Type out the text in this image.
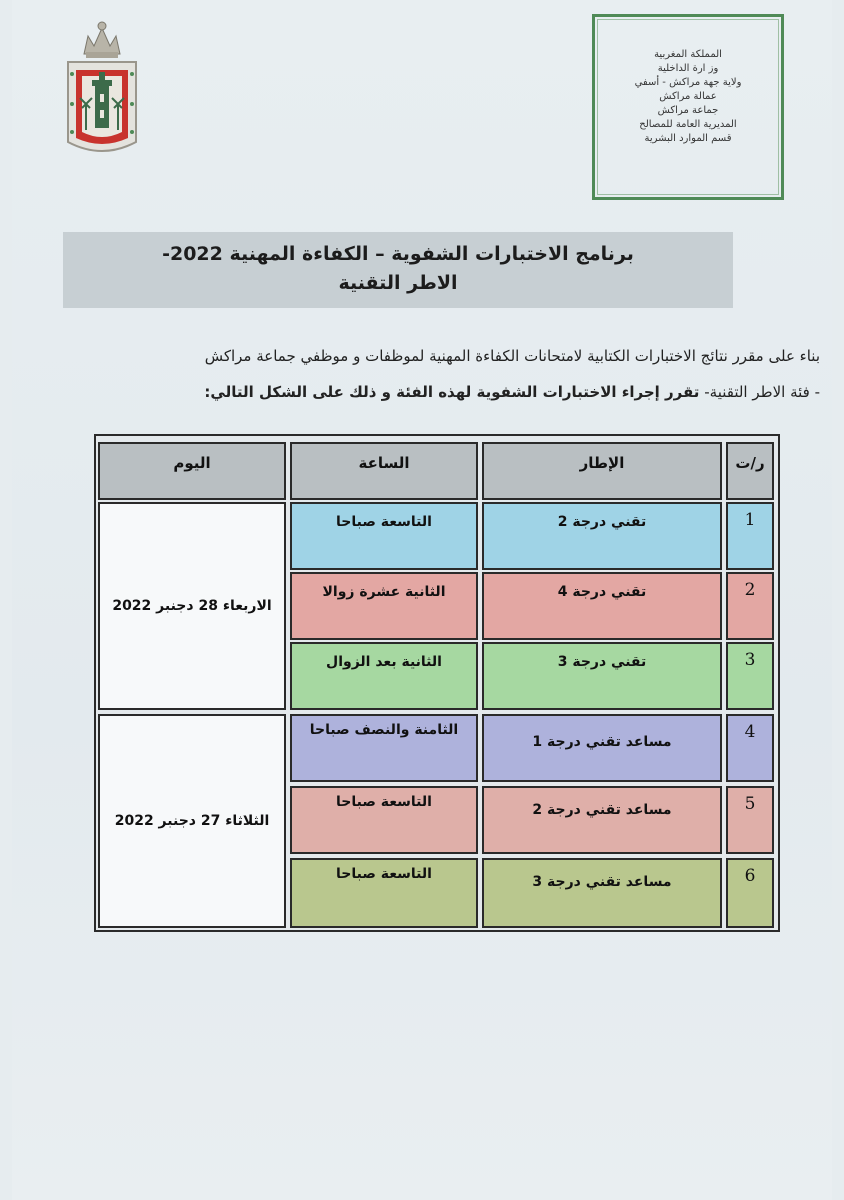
المملكة المغربية
وز ارة الداخلية
ولاية جهة مراكش - أسفي
عمالة مراكش
جماعة مراكش
المديرية العامة للمصالح
قسم الموارد البشرية
برنامج الاختبارات الشفوية – الكفاءة المهنية 2022-
الاطر التقنية
بناء على مقرر نتائج الاختبارات الكتابية لامتحانات الكفاءة المهنية لموظفات و موظفي جماعة مراكش
- فئة الاطر التقنية- تقرر إجراء الاختبارات الشفوية لهذه الفئة و ذلك على الشكل التالي:
ر/ت
الإطار
الساعة
اليوم
الاربعاء 28 دجنبر 2022
الثلاثاء 27 دجنبر 2022
1
تقني درجة 2
التاسعة صباحا
2
تقني درجة 4
الثانية عشرة زوالا
3
تقني درجة 3
الثانية بعد الزوال
4
مساعد تقني درجة 1
الثامنة والنصف صباحا
5
مساعد تقني درجة 2
التاسعة صباحا
6
مساعد تقني درجة 3
التاسعة صباحا
